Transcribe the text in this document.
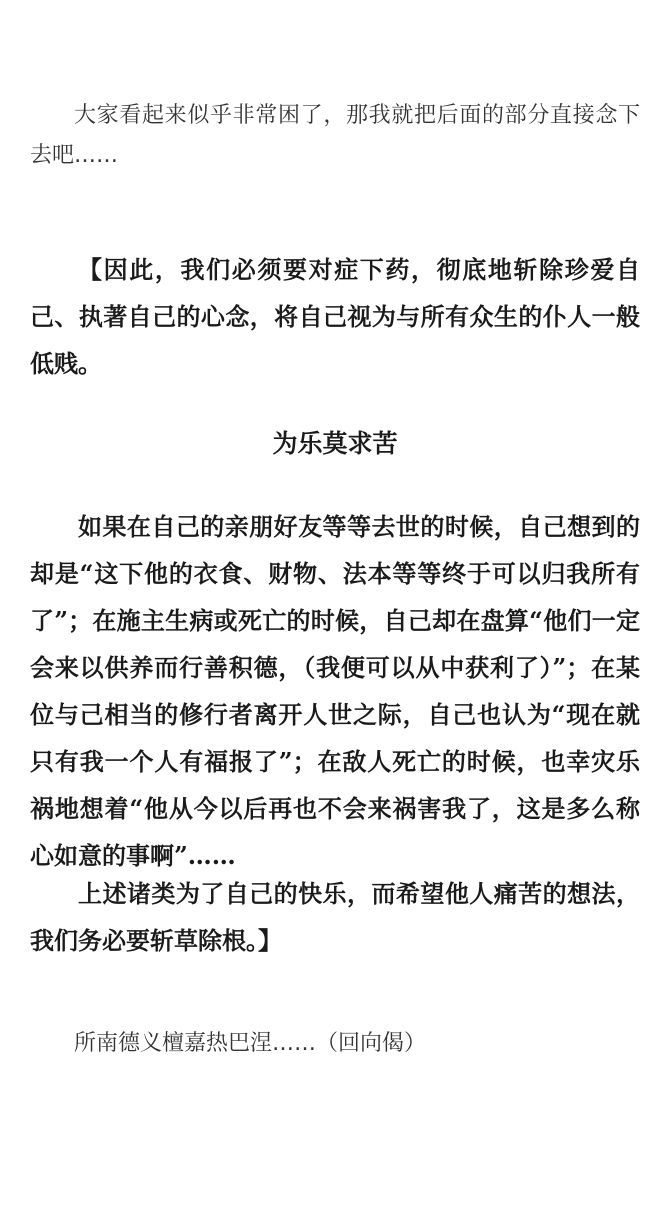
大家看起来似乎非常困了，那我就把后面的部分直接念下去吧……

【因此，我们必须要对症下药，彻底地斩除珍爱自己、执著自己的心念，将自己视为与所有众生的仆人一般低贱。

为乐莫求苦

如果在自己的亲朋好友等等去世的时候，自己想到的却是“这下他的衣食、财物、法本等等终于可以归我所有了”；在施主生病或死亡的时候，自己却在盘算“他们一定会来以供养而行善积德，（我便可以从中获利了）”；在某位与己相当的修行者离开人世之际，自己也认为“现在就只有我一个人有福报了”；在敌人死亡的时候，也幸灾乐祸地想着“他从今以后再也不会来祸害我了，这是多么称心如意的事啊”……

上述诸类为了自己的快乐，而希望他人痛苦的想法，我们务必要斩草除根。】

所南德义檀嘉热巴涅……（回向偈）
